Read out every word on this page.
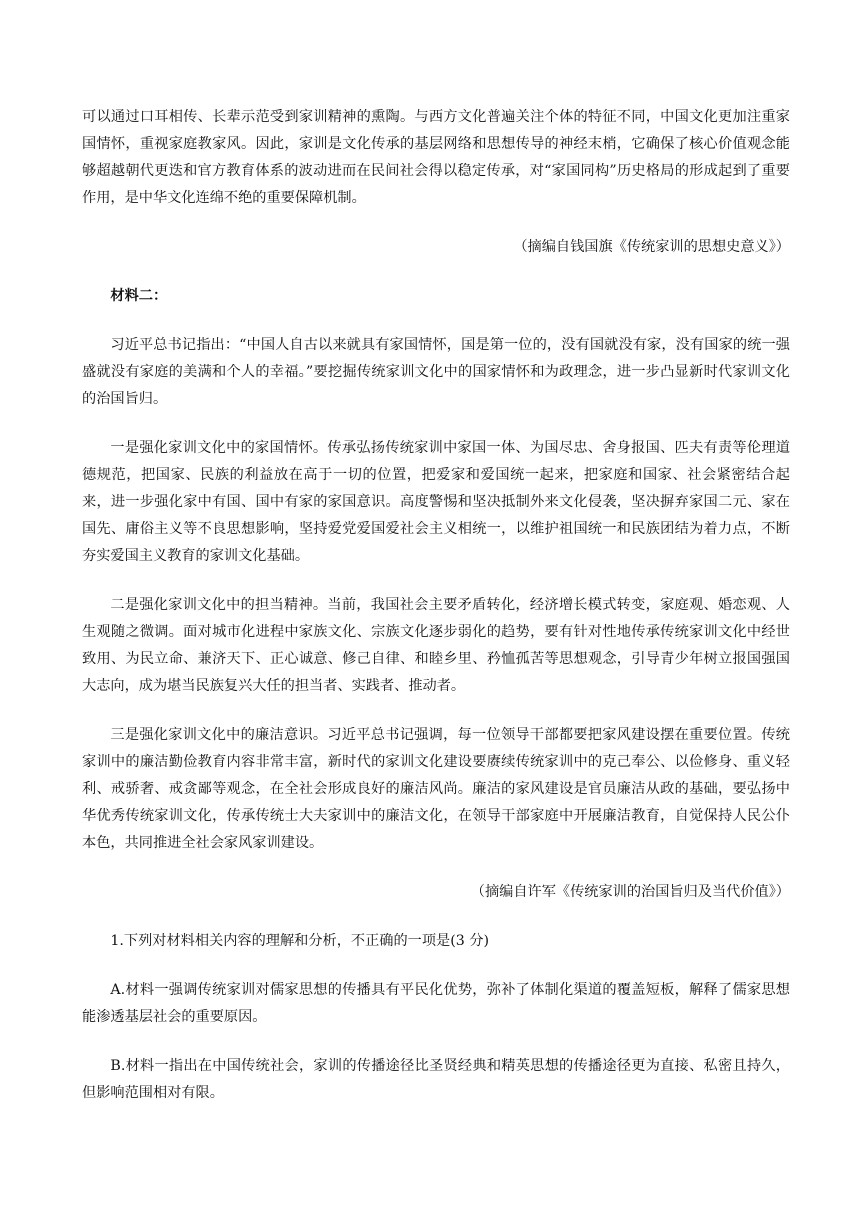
可以通过口耳相传、长辈示范受到家训精神的熏陶。与西方文化普遍关注个体的特征不同，中国文化更加注重家国情怀，重视家庭教家风。因此，家训是文化传承的基层网络和思想传导的神经末梢，它确保了核心价值观念能够超越朝代更迭和官方教育体系的波动进而在民间社会得以稳定传承，对“家国同构”历史格局的形成起到了重要作用，是中华文化连绵不绝的重要保障机制。

（摘编自钱国旗《传统家训的思想史意义》）

材料二：

习近平总书记指出：“中国人自古以来就具有家国情怀，国是第一位的，没有国就没有家，没有国家的统一强盛就没有家庭的美满和个人的幸福。”要挖掘传统家训文化中的国家情怀和为政理念，进一步凸显新时代家训文化的治国旨归。

一是强化家训文化中的家国情怀。传承弘扬传统家训中家国一体、为国尽忠、舍身报国、匹夫有责等伦理道德规范，把国家、民族的利益放在高于一切的位置，把爱家和爱国统一起来，把家庭和国家、社会紧密结合起来，进一步强化家中有国、国中有家的家国意识。高度警惕和坚决抵制外来文化侵袭，坚决摒弃家国二元、家在国先、庸俗主义等不良思想影响，坚持爱党爱国爱社会主义相统一，以维护祖国统一和民族团结为着力点，不断夯实爱国主义教育的家训文化基础。

二是强化家训文化中的担当精神。当前，我国社会主要矛盾转化，经济增长模式转变，家庭观、婚恋观、人生观随之微调。面对城市化进程中家族文化、宗族文化逐步弱化的趋势，要有针对性地传承传统家训文化中经世致用、为民立命、兼济天下、正心诚意、修己自律、和睦乡里、矜恤孤苦等思想观念，引导青少年树立报国强国大志向，成为堪当民族复兴大任的担当者、实践者、推动者。

三是强化家训文化中的廉洁意识。习近平总书记强调，每一位领导干部都要把家风建设摆在重要位置。传统家训中的廉洁勤俭教育内容非常丰富，新时代的家训文化建设要赓续传统家训中的克己奉公、以俭修身、重义轻利、戒骄奢、戒贪鄙等观念，在全社会形成良好的廉洁风尚。廉洁的家风建设是官员廉洁从政的基础，要弘扬中华优秀传统家训文化，传承传统士大夫家训中的廉洁文化，在领导干部家庭中开展廉洁教育，自觉保持人民公仆本色，共同推进全社会家风家训建设。

（摘编自许军《传统家训的治国旨归及当代价值》）

1.下列对材料相关内容的理解和分析，不正确的一项是(3 分)

A.材料一强调传统家训对儒家思想的传播具有平民化优势，弥补了体制化渠道的覆盖短板，解释了儒家思想能渗透基层社会的重要原因。

B.材料一指出在中国传统社会，家训的传播途径比圣贤经典和精英思想的传播途径更为直接、私密且持久，但影响范围相对有限。
